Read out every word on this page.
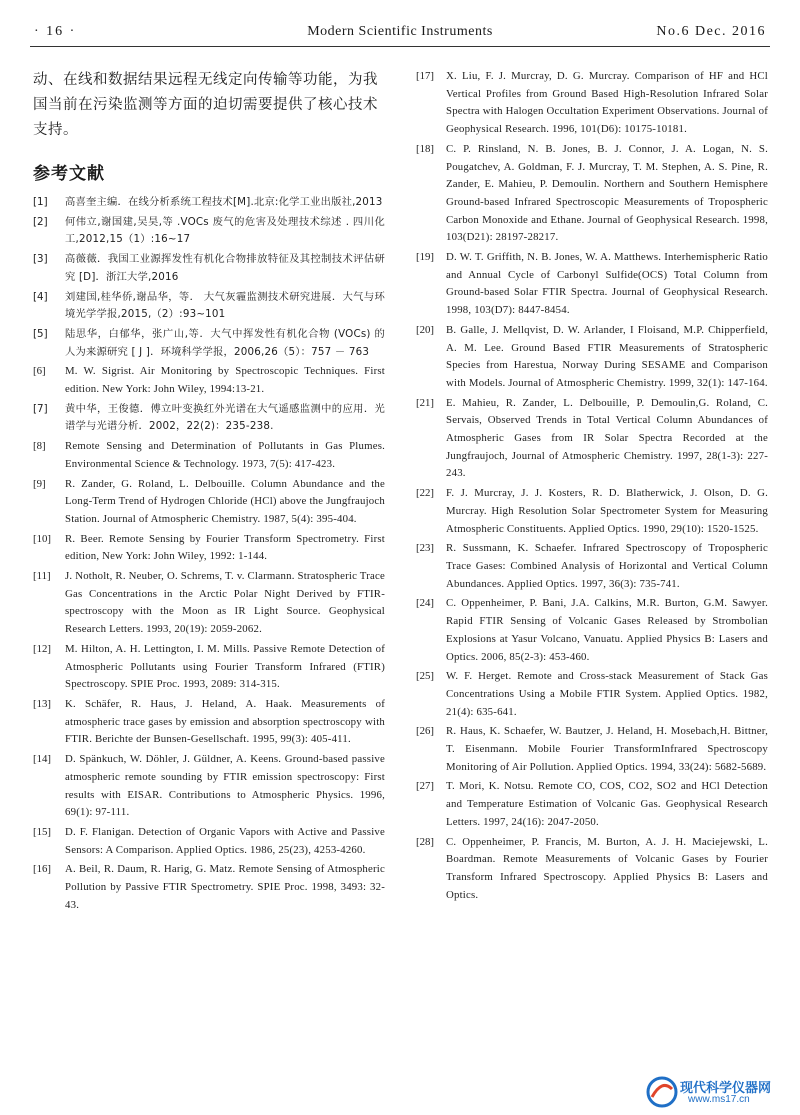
· 16 ·	Modern Scientific Instruments	No.6 Dec. 2016

动、在线和数据结果远程无线定向传输等功能，为我国当前在污染监测等方面的迫切需要提供了核心技术支持。

参考文献
[1]	高喜奎主编．在线分析系统工程技术[M].北京:化学工业出版社,2013
[2]	何伟立,谢国建,吴昊,等 .VOCs 废气的危害及处理技术综述 . 四川化工,2012,15（1）:16~17
[3]	高薇薇．我国工业源挥发性有机化合物排放特征及其控制技术评估研究 [D]．浙江大学,2016
[4]	刘建国,桂华侨,谢品华，等． 大气灰霾监测技术研究进展．大气与环境光学学报,2015,（2）:93~101
[5]	陆思华，白郁华，张广山,等．大气中挥发性有机化合物 (VOCs) 的人为来源研究 [ J ]．环境科学学报，2006,26（5）：757 － 763
[6]	M. W. Sigrist. Air Monitoring by Spectroscopic Techniques. First edition. New York: John Wiley, 1994:13-21.
[7]	黄中华，王俊德．傅立叶变换红外光谱在大气遥感监测中的应用．光谱学与光谱分析．2002，22(2)：235-238.
[8]	Remote Sensing and Determination of Pollutants in Gas Plumes. Environmental Science & Technology. 1973, 7(5): 417-423.
[9]	R. Zander, G. Roland, L. Delbouille. Column Abundance and the Long-Term Trend of Hydrogen Chloride (HCl) above the Jungfraujoch Station. Journal of Atmospheric Chemistry. 1987, 5(4): 395-404.
[10]	R. Beer. Remote Sensing by Fourier Transform Spectrometry. First edition, New York: John Wiley, 1992: 1-144.
[11]	J. Notholt, R. Neuber, O. Schrems, T. v. Clarmann. Stratospheric Trace Gas Concentrations in the Arctic Polar Night Derived by FTIR-spectroscopy with the Moon as IR Light Source. Geophysical Research Letters. 1993, 20(19): 2059-2062.
[12]	M. Hilton, A. H. Lettington, I. M. Mills. Passive Remote Detection of Atmospheric Pollutants using Fourier Transform Infrared (FTIR) Spectroscopy. SPIE Proc. 1993, 2089: 314-315.
[13]	K. Schäfer, R. Haus, J. Heland, A. Haak. Measurements of atmospheric trace gases by emission and absorption spectroscopy with FTIR. Berichte der Bunsen-Gesellschaft. 1995, 99(3): 405-411.
[14]	D. Spänkuch, W. Döhler, J. Güldner, A. Keens. Ground-based passive atmospheric remote sounding by FTIR emission spectroscopy: First results with EISAR. Contributions to Atmospheric Physics. 1996, 69(1): 97-111.
[15]	D. F. Flanigan. Detection of Organic Vapors with Active and Passive Sensors: A Comparison. Applied Optics. 1986, 25(23), 4253-4260.
[16]	A. Beil, R. Daum, R. Harig, G. Matz. Remote Sensing of Atmospheric Pollution by Passive FTIR Spectrometry. SPIE Proc. 1998, 3493: 32-43.
[17]	X. Liu, F. J. Murcray, D. G. Murcray. Comparison of HF and HCl Vertical Profiles from Ground Based High-Resolution Infrared Solar Spectra with Halogen Occultation Experiment Observations. Journal of Geophysical Research. 1996, 101(D6): 10175-10181.
[18]	C. P. Rinsland, N. B. Jones, B. J. Connor, J. A. Logan, N. S. Pougatchev, A. Goldman, F. J. Murcray, T. M. Stephen, A. S. Pine, R. Zander, E. Mahieu, P. Demoulin. Northern and Southern Hemisphere Ground-based Infrared Spectroscopic Measurements of Tropospheric Carbon Monoxide and Ethane. Journal of Geophysical Research. 1998, 103(D21): 28197-28217.
[19]	D. W. T. Griffith, N. B. Jones, W. A. Matthews. Interhemispheric Ratio and Annual Cycle of Carbonyl Sulfide(OCS) Total Column from Ground-based Solar FTIR Spectra. Journal of Geophysical Research. 1998, 103(D7): 8447-8454.
[20]	B. Galle, J. Mellqvist, D. W. Arlander, I Floisand, M.P. Chipperfield, A. M. Lee. Ground Based FTIR Measurements of Stratospheric Species from Harestua, Norway During SESAME and Comparison with Models. Journal of Atmospheric Chemistry. 1999, 32(1): 147-164.
[21]	E. Mahieu, R. Zander, L. Delbouille, P. Demoulin,G. Roland, C. Servais, Observed Trends in Total Vertical Column Abundances of Atmospheric Gases from IR Solar Spectra Recorded at the Jungfraujoch, Journal of Atmospheric Chemistry. 1997, 28(1-3): 227-243.
[22]	F. J. Murcray, J. J. Kosters, R. D. Blatherwick, J. Olson, D. G. Murcray. High Resolution Solar Spectrometer System for Measuring Atmospheric Constituents. Applied Optics. 1990, 29(10): 1520-1525.
[23]	R. Sussmann, K. Schaefer. Infrared Spectroscopy of Tropospheric Trace Gases: Combined Analysis of Horizontal and Vertical Column Abundances. Applied Optics. 1997, 36(3): 735-741.
[24]	C. Oppenheimer, P. Bani, J.A. Calkins, M.R. Burton, G.M. Sawyer. Rapid FTIR Sensing of Volcanic Gases Released by Strombolian Explosions at Yasur Volcano, Vanuatu. Applied Physics B: Lasers and Optics. 2006, 85(2-3): 453-460.
[25]	W. F. Herget. Remote and Cross-stack Measurement of Stack Gas Concentrations Using a Mobile FTIR System. Applied Optics. 1982, 21(4): 635-641.
[26]	R. Haus, K. Schaefer, W. Bautzer, J. Heland, H. Mosebach,H. Bittner, T. Eisenmann. Mobile Fourier TransformInfrared Spectroscopy Monitoring of Air Pollution. Applied Optics. 1994, 33(24): 5682-5689.
[27]	T. Mori, K. Notsu. Remote CO, COS, CO2, SO2 and HCl Detection and Temperature Estimation of Volcanic Gas. Geophysical Research Letters. 1997, 24(16): 2047-2050.
[28]	C. Oppenheimer, P. Francis, M. Burton, A. J. H. Maciejewski, L. Boardman. Remote Measurements of Volcanic Gases by Fourier Transform Infrared Spectroscopy. Applied Physics B: Lasers and Optics.
现代科学仪器网
www.ms17.cn
